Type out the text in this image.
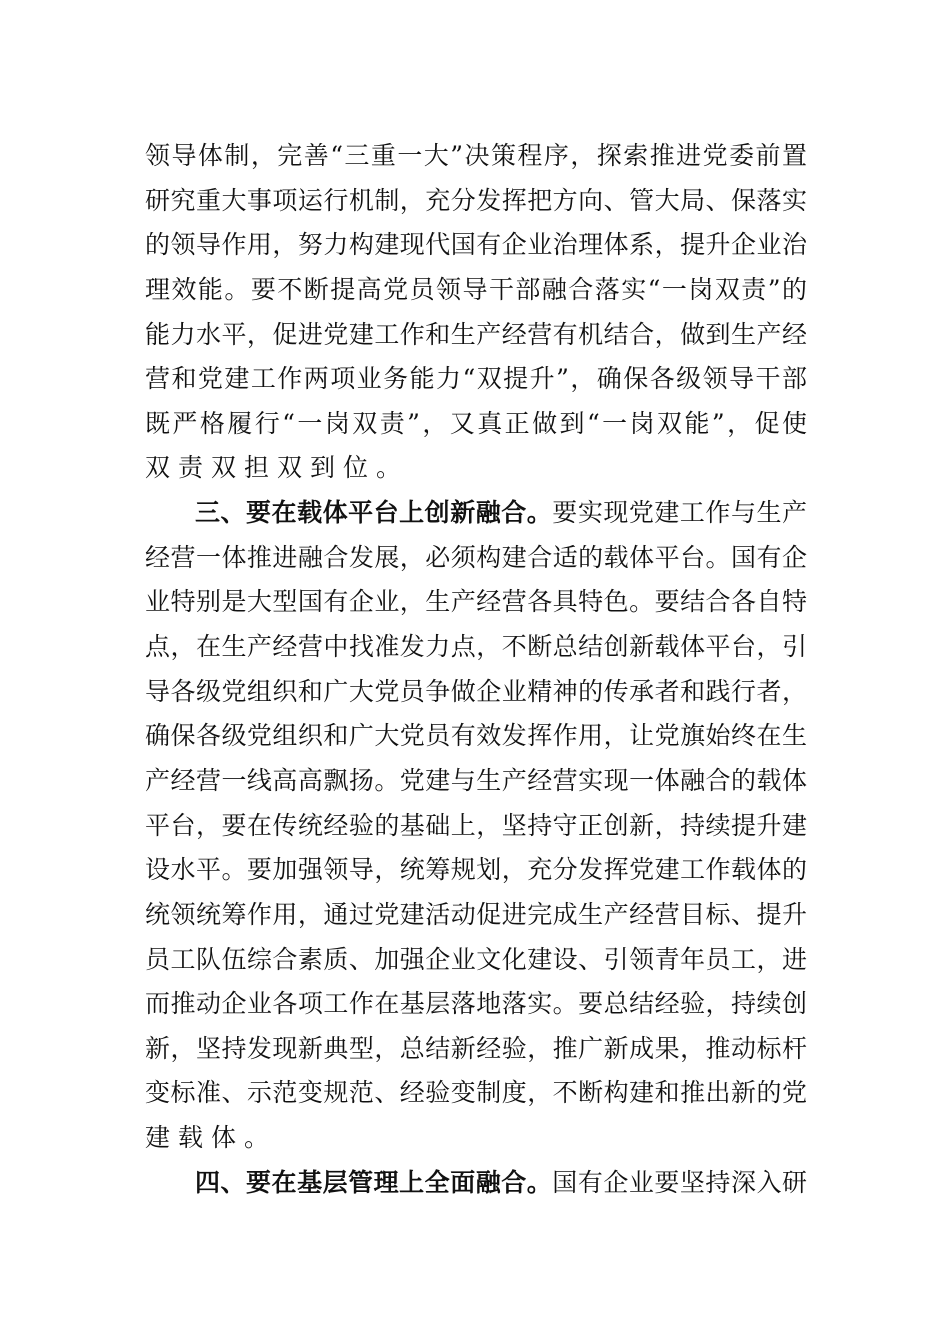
领导体制，完善“三重一大”决策程序，探索推进党委前置
研究重大事项运行机制，充分发挥把方向、管大局、保落实
的领导作用，努力构建现代国有企业治理体系，提升企业治
理效能。要不断提高党员领导干部融合落实“一岗双责”的
能力水平，促进党建工作和生产经营有机结合，做到生产经
营和党建工作两项业务能力“双提升”，确保各级领导干部
既严格履行“一岗双责”，又真正做到“一岗双能”，促使
双责双担双到位。
三、要在载体平台上创新融合。要实现党建工作与生产
经营一体推进融合发展，必须构建合适的载体平台。国有企
业特别是大型国有企业，生产经营各具特色。要结合各自特
点，在生产经营中找准发力点，不断总结创新载体平台，引
导各级党组织和广大党员争做企业精神的传承者和践行者，
确保各级党组织和广大党员有效发挥作用，让党旗始终在生
产经营一线高高飘扬。党建与生产经营实现一体融合的载体
平台，要在传统经验的基础上，坚持守正创新，持续提升建
设水平。要加强领导，统筹规划，充分发挥党建工作载体的
统领统筹作用，通过党建活动促进完成生产经营目标、提升
员工队伍综合素质、加强企业文化建设、引领青年员工，进
而推动企业各项工作在基层落地落实。要总结经验，持续创
新，坚持发现新典型，总结新经验，推广新成果，推动标杆
变标准、示范变规范、经验变制度，不断构建和推出新的党
建载体。
四、要在基层管理上全面融合。国有企业要坚持深入研
